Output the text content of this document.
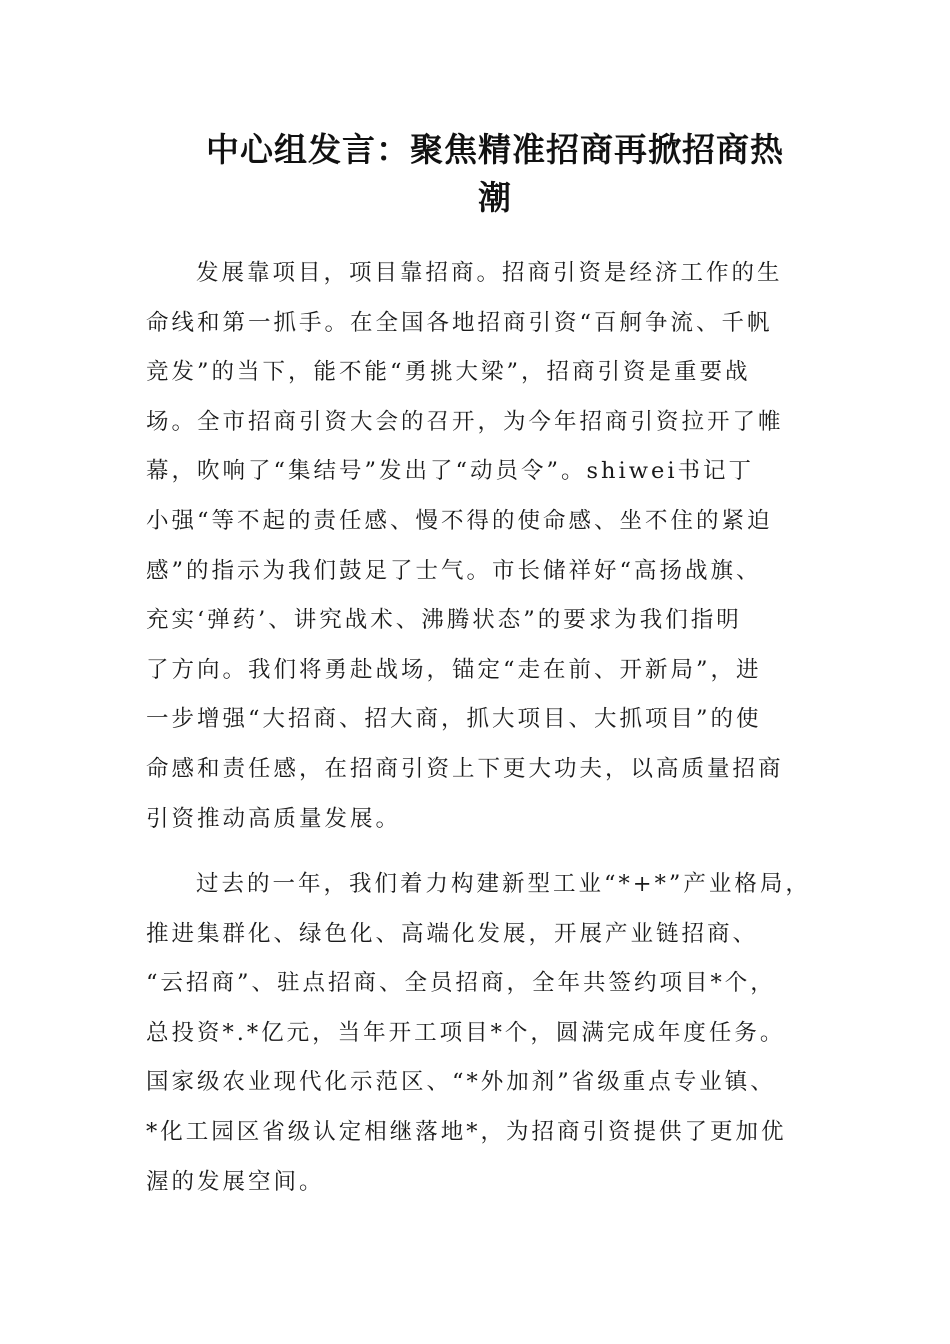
中心组发言：聚焦精准招商再掀招商热
潮

发展靠项目，项目靠招商。招商引资是经济工作的生
命线和第一抓手。在全国各地招商引资“百舸争流、千帆
竞发”的当下，能不能“勇挑大梁”，招商引资是重要战
场。全市招商引资大会的召开，为今年招商引资拉开了帷
幕，吹响了“集结号”发出了“动员令”。shiwei书记丁
小强“等不起的责任感、慢不得的使命感、坐不住的紧迫
感”的指示为我们鼓足了士气。市长储祥好“高扬战旗、
充实‘弹药’、讲究战术、沸腾状态”的要求为我们指明
了方向。我们将勇赴战场，锚定“走在前、开新局”，进
一步增强“大招商、招大商，抓大项目、大抓项目”的使
命感和责任感，在招商引资上下更大功夫，以高质量招商
引资推动高质量发展。

过去的一年，我们着力构建新型工业“*+*”产业格局，
推进集群化、绿色化、高端化发展，开展产业链招商、
“云招商”、驻点招商、全员招商，全年共签约项目*个，
总投资*.*亿元，当年开工项目*个，圆满完成年度任务。
国家级农业现代化示范区、“*外加剂”省级重点专业镇、
*化工园区省级认定相继落地*，为招商引资提供了更加优
渥的发展空间。
